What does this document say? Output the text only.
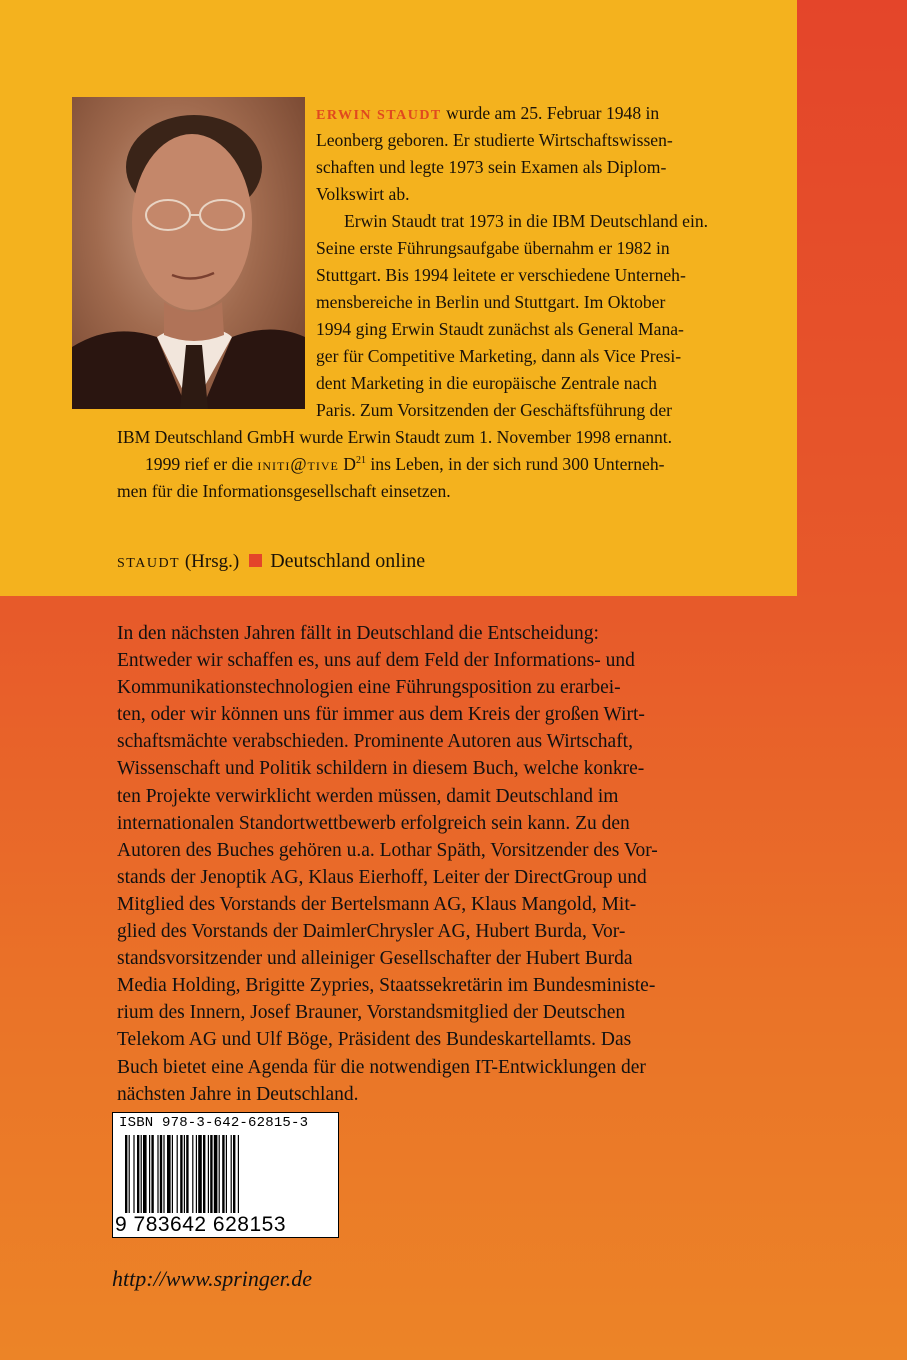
ERWIN STAUDT wurde am 25. Februar 1948 in
Leonberg geboren. Er studierte Wirtschaftswissen-
schaften und legte 1973 sein Examen als Diplom-
Volkswirt ab.
Erwin Staudt trat 1973 in die IBM Deutschland ein.
Seine erste Führungsaufgabe übernahm er 1982 in
Stuttgart. Bis 1994 leitete er verschiedene Unterneh-
mensbereiche in Berlin und Stuttgart. Im Oktober
1994 ging Erwin Staudt zunächst als General Mana-
ger für Competitive Marketing, dann als Vice Presi-
dent Marketing in die europäische Zentrale nach
Paris. Zum Vorsitzenden der Geschäftsführung der
IBM Deutschland GmbH wurde Erwin Staudt zum 1. November 1998 ernannt.
1999 rief er die initi@tive $D^{21}$ ins Leben, in der sich rund 300 Unterneh-
men für die Informationsgesellschaft einsetzen.
STAUDT (Hrsg.) Deutschland online
In den nächsten Jahren fällt in Deutschland die Entscheidung:
Entweder wir schaffen es, uns auf dem Feld der Informations- und
Kommunikationstechnologien eine Führungsposition zu erarbei-
ten, oder wir können uns für immer aus dem Kreis der großen Wirt-
schaftsmächte verabschieden. Prominente Autoren aus Wirtschaft,
Wissenschaft und Politik schildern in diesem Buch, welche konkre-
ten Projekte verwirklicht werden müssen, damit Deutschland im
internationalen Standortwettbewerb erfolgreich sein kann. Zu den
Autoren des Buches gehören u.a. Lothar Späth, Vorsitzender des Vor-
stands der Jenoptik AG, Klaus Eierhoff, Leiter der DirectGroup und
Mitglied des Vorstands der Bertelsmann AG, Klaus Mangold, Mit-
glied des Vorstands der DaimlerChrysler AG, Hubert Burda, Vor-
standsvorsitzender und alleiniger Gesellschafter der Hubert Burda
Media Holding, Brigitte Zypries, Staatssekretärin im Bundesministe-
rium des Innern, Josef Brauner, Vorstandsmitglied der Deutschen
Telekom AG und Ulf Böge, Präsident des Bundeskartellamts. Das
Buch bietet eine Agenda für die notwendigen IT-Entwicklungen der
nächsten Jahre in Deutschland.
ISBN 978-3-642-62815-3
9 783642 628153
http://www.springer.de
